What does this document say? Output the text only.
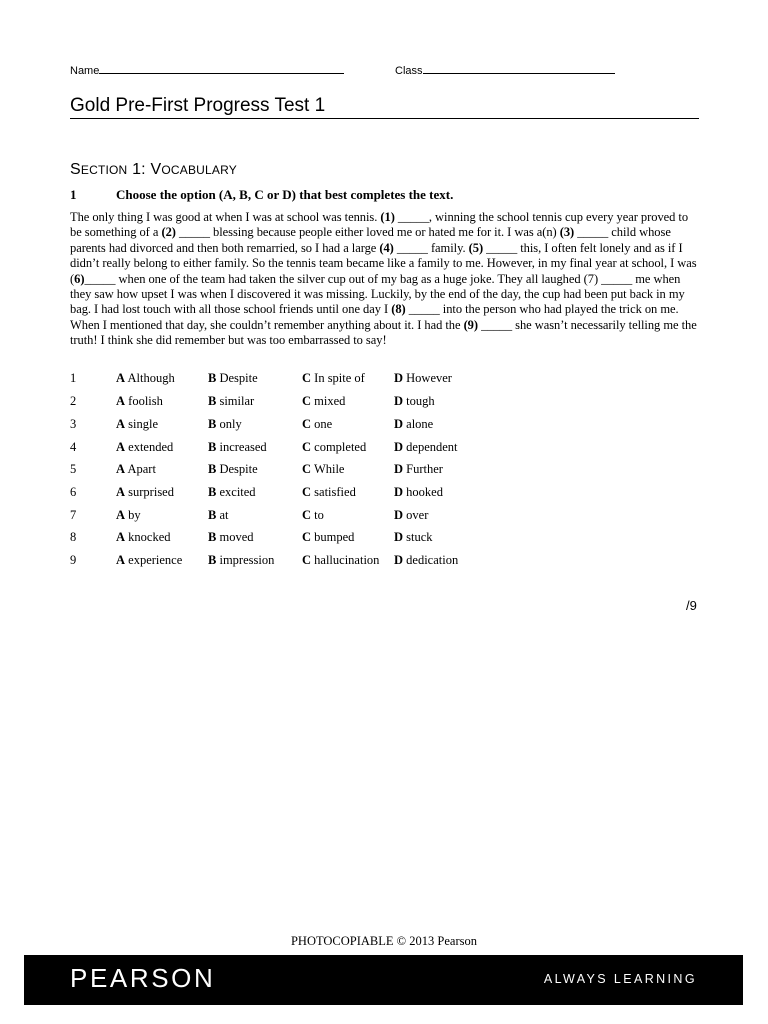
Name	Class
Gold Pre-First Progress Test 1
SECTION 1: VOCABULARY
1	Choose the option (A, B, C or D) that best completes the text.
The only thing I was good at when I was at school was tennis. (1) _____, winning the school tennis cup every year proved to be something of a (2) _____ blessing because people either loved me or hated me for it. I was a(n) (3) _____ child whose parents had divorced and then both remarried, so I had a large (4) _____ family. (5) _____ this, I often felt lonely and as if I didn’t really belong to either family. So the tennis team became like a family to me. However, in my final year at school, I was (6)_____ when one of the team had taken the silver cup out of my bag as a huge joke. They all laughed (7) _____ me when they saw how upset I was when I discovered it was missing. Luckily, by the end of the day, the cup had been put back in my bag. I had lost touch with all those school friends until one day I (8) _____ into the person who had played the trick on me. When I mentioned that day, she couldn’t remember anything about it. I had the (9) _____ she wasn’t necessarily telling me the truth! I think she did remember but was too embarrassed to say!
1	A Although	B Despite	C In spite of D However
2	A foolish	B similar	C mixed	D tough
3	A single	B only	C one	D alone
4	A extended	B increased	C completed D dependent
5	A Apart	B Despite	C While	D Further
6	A surprised	B excited	C satisfied	D hooked
7	A by	B at	C to	D over
8	A knocked	B moved	C bumped	D stuck
9	A experience B impression C hallucination D dedication
/9
PHOTOCOPIABLE © 2013 Pearson
PEARSON	ALWAYS LEARNING
